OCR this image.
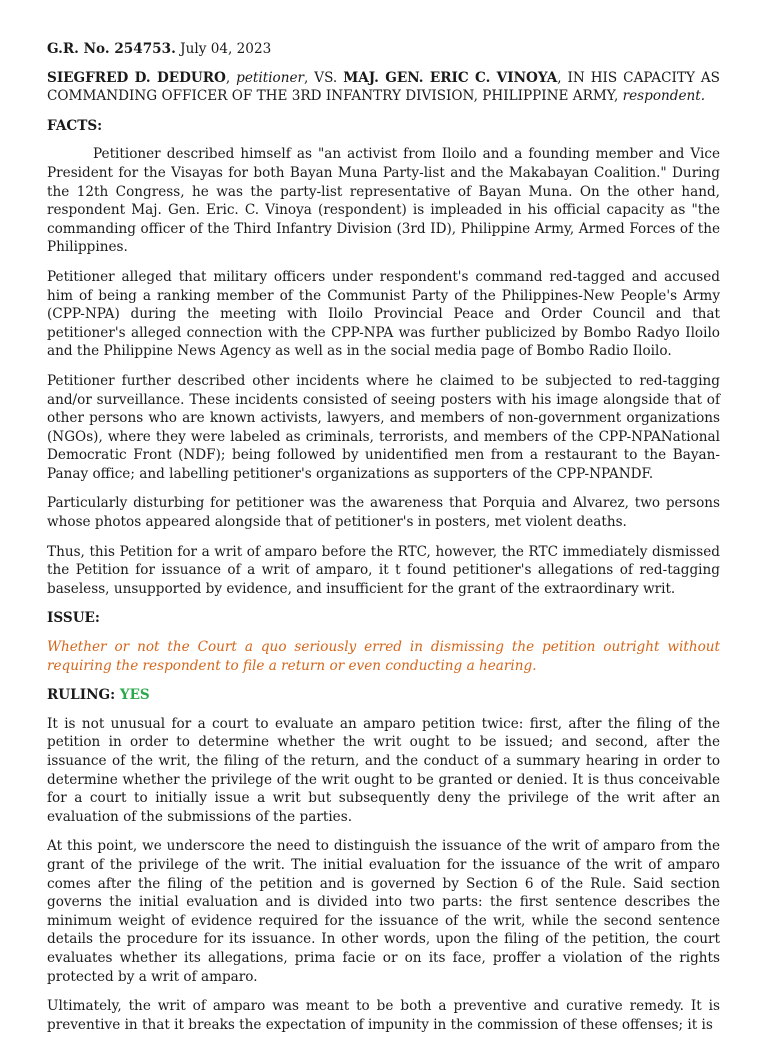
G.R. No. 254753. July 04, 2023

SIEGFRED D. DEDURO, petitioner, VS. MAJ. GEN. ERIC C. VINOYA, IN HIS CAPACITY AS COMMANDING OFFICER OF THE 3RD INFANTRY DIVISION, PHILIPPINE ARMY, respondent.

FACTS:

Petitioner described himself as "an activist from Iloilo and a founding member and Vice President for the Visayas for both Bayan Muna Party-list and the Makabayan Coalition." During the 12th Congress, he was the party-list representative of Bayan Muna. On the other hand, respondent Maj. Gen. Eric. C. Vinoya (respondent) is impleaded in his official capacity as "the commanding officer of the Third Infantry Division (3rd ID), Philippine Army, Armed Forces of the Philippines.

Petitioner alleged that military officers under respondent's command red-tagged and accused him of being a ranking member of the Communist Party of the Philippines-New People's Army (CPP-NPA) during the meeting with Iloilo Provincial Peace and Order Council and that petitioner's alleged connection with the CPP-NPA was further publicized by Bombo Radyo Iloilo and the Philippine News Agency as well as in the social media page of Bombo Radio Iloilo.

Petitioner further described other incidents where he claimed to be subjected to red-tagging and/or surveillance. These incidents consisted of seeing posters with his image alongside that of other persons who are known activists, lawyers, and members of non-government organizations (NGOs), where they were labeled as criminals, terrorists, and members of the CPP-NPANational Democratic Front (NDF); being followed by unidentified men from a restaurant to the Bayan-Panay office; and labelling petitioner's organizations as supporters of the CPP-NPANDF.

Particularly disturbing for petitioner was the awareness that Porquia and Alvarez, two persons whose photos appeared alongside that of petitioner's in posters, met violent deaths.

Thus, this Petition for a writ of amparo before the RTC, however, the RTC immediately dismissed the Petition for issuance of a writ of amparo, it t found petitioner's allegations of red-tagging baseless, unsupported by evidence, and insufficient for the grant of the extraordinary writ.

ISSUE:

Whether or not the Court a quo seriously erred in dismissing the petition outright without requiring the respondent to file a return or even conducting a hearing.

RULING: YES

It is not unusual for a court to evaluate an amparo petition twice: first, after the filing of the petition in order to determine whether the writ ought to be issued; and second, after the issuance of the writ, the filing of the return, and the conduct of a summary hearing in order to determine whether the privilege of the writ ought to be granted or denied. It is thus conceivable for a court to initially issue a writ but subsequently deny the privilege of the writ after an evaluation of the submissions of the parties.

At this point, we underscore the need to distinguish the issuance of the writ of amparo from the grant of the privilege of the writ. The initial evaluation for the issuance of the writ of amparo comes after the filing of the petition and is governed by Section 6 of the Rule. Said section governs the initial evaluation and is divided into two parts: the first sentence describes the minimum weight of evidence required for the issuance of the writ, while the second sentence details the procedure for its issuance. In other words, upon the filing of the petition, the court evaluates whether its allegations, prima facie or on its face, proffer a violation of the rights protected by a writ of amparo.

Ultimately, the writ of amparo was meant to be both a preventive and curative remedy. It is preventive in that it breaks the expectation of impunity in the commission of these offenses; it is
